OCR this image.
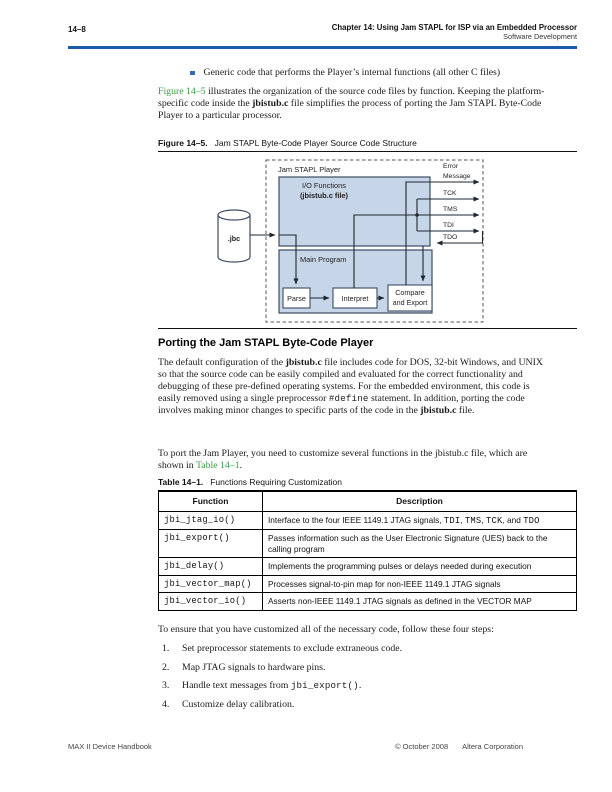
14–8	Chapter 14: Using Jam STAPL for ISP via an Embedded Processor
Software Development
Generic code that performs the Player’s internal functions (all other C files)
Figure 14–5 illustrates the organization of the source code files by function. Keeping the platform-specific code inside the jbistub.c file simplifies the process of porting the Jam STAPL Byte-Code Player to a particular processor.
Figure 14–5. Jam STAPL Byte-Code Player Source Code Structure
Jam STAPL Player
I/O Functions
(jbistub.c file)
Main Program
.jbc
Parse	Interpret
Compare
and Export
Error
Message
TCK
TMS
TDI
TDO
Porting the Jam STAPL Byte-Code Player
The default configuration of the jbistub.c file includes code for DOS, 32-bit Windows, and UNIX so that the source code can be easily compiled and evaluated for the correct functionality and debugging of these pre-defined operating systems. For the embedded environment, this code is easily removed using a single preprocessor #define statement. In addition, porting the code involves making minor changes to specific parts of the code in the jbistub.c file.
To port the Jam Player, you need to customize several functions in the jbistub.c file, which are shown in Table 14–1.
Table 14–1. Functions Requiring Customization
Function	Description
jbi_jtag_io()	Interface to the four IEEE 1149.1 JTAG signals, TDI, TMS, TCK, and TDO
jbi_export()	Passes information such as the User Electronic Signature (UES) back to the calling program
jbi_delay()	Implements the programming pulses or delays needed during execution
jbi_vector_map()	Processes signal-to-pin map for non-IEEE 1149.1 JTAG signals
jbi_vector_io()	Asserts non-IEEE 1149.1 JTAG signals as defined in the VECTOR MAP
To ensure that you have customized all of the necessary code, follow these four steps:
1.	Set preprocessor statements to exclude extraneous code.
2.	Map JTAG signals to hardware pins.
3.	Handle text messages from jbi_export().
4.	Customize delay calibration.
MAX II Device Handbook	© October 2008 Altera Corporation
